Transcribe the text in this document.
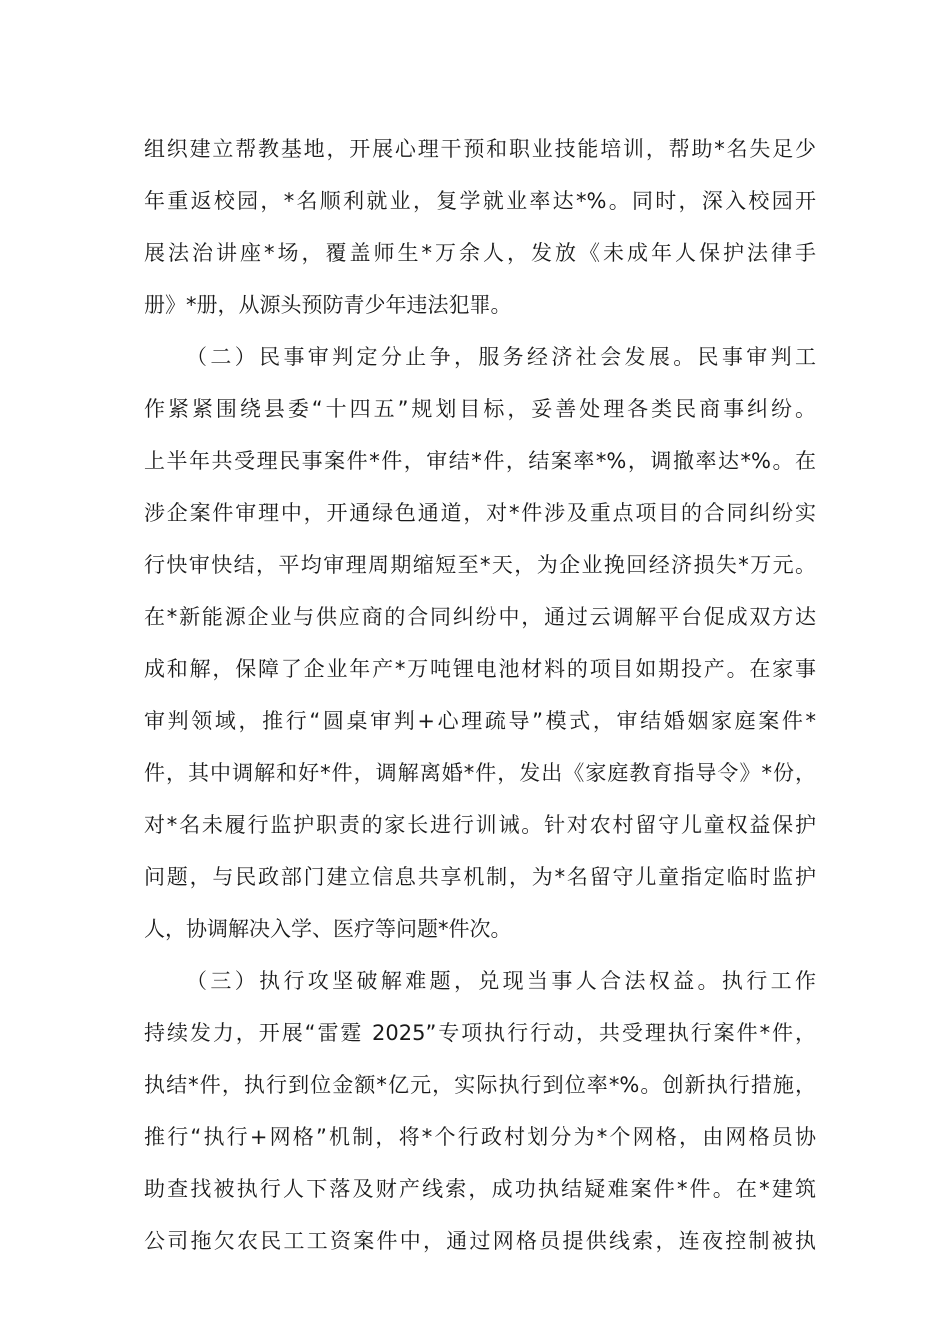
组织建立帮教基地，开展心理干预和职业技能培训，帮助*名失足少
年重返校园，*名顺利就业，复学就业率达*%。同时，深入校园开
展法治讲座*场，覆盖师生*万余人，发放《未成年人保护法律手
册》*册，从源头预防青少年违法犯罪。
（二）民事审判定分止争，服务经济社会发展。民事审判工
作紧紧围绕县委“十四五”规划目标，妥善处理各类民商事纠纷。
上半年共受理民事案件*件，审结*件，结案率*%，调撤率达*%。在
涉企案件审理中，开通绿色通道，对*件涉及重点项目的合同纠纷实
行快审快结，平均审理周期缩短至*天，为企业挽回经济损失*万元。
在*新能源企业与供应商的合同纠纷中，通过云调解平台促成双方达
成和解，保障了企业年产*万吨锂电池材料的项目如期投产。在家事
审判领域，推行“圆桌审判+心理疏导”模式，审结婚姻家庭案件*
件，其中调解和好*件，调解离婚*件，发出《家庭教育指导令》*份，
对*名未履行监护职责的家长进行训诫。针对农村留守儿童权益保护
问题，与民政部门建立信息共享机制，为*名留守儿童指定临时监护
人，协调解决入学、医疗等问题*件次。
（三）执行攻坚破解难题，兑现当事人合法权益。执行工作
持续发力，开展“雷霆 2025”专项执行行动，共受理执行案件*件，
执结*件，执行到位金额*亿元，实际执行到位率*%。创新执行措施，
推行“执行+网格”机制，将*个行政村划分为*个网格，由网格员协
助查找被执行人下落及财产线索，成功执结疑难案件*件。在*建筑
公司拖欠农民工工资案件中，通过网格员提供线索，连夜控制被执
